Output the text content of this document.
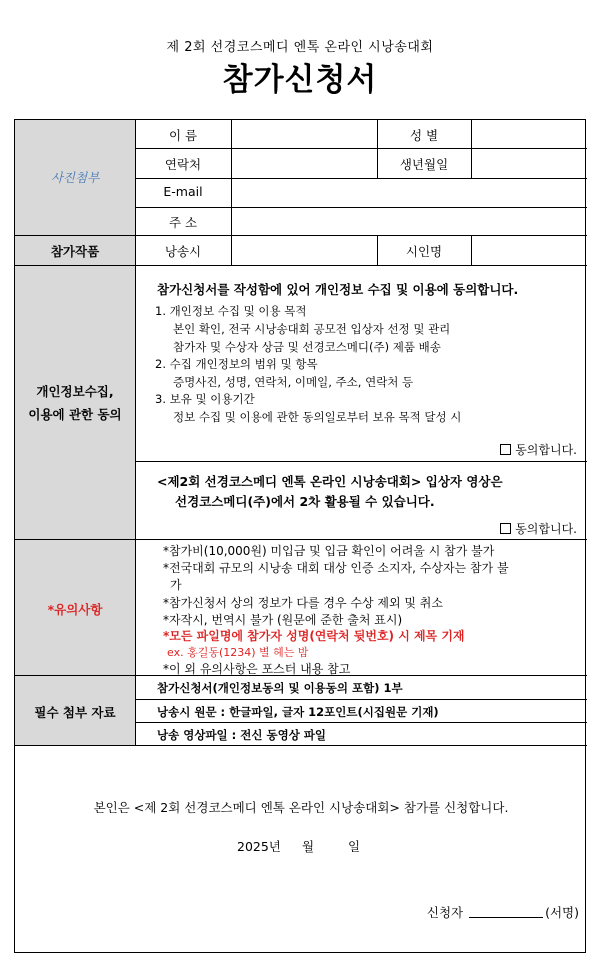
제 2회 선경코스메디 엔톡 온라인 시낭송대회
참가신청서
사진첨부
이 름	성 별
연락처	생년월일
E-mail
주 소
참가작품	낭송시	시인명
개인정보수집,
이용에 관한 동의
참가신청서를 작성함에 있어 개인정보 수집 및 이용에 동의합니다.
1. 개인정보 수집 및 이용 목적
본인 확인, 전국 시낭송대회 공모전 입상자 선정 및 관리
참가자 및 수상자 상금 및 선경코스메디(주) 제품 배송
2. 수집 개인정보의 범위 및 항목
증명사진, 성명, 연락처, 이메일, 주소, 연락처 등
3. 보유 및 이용기간
정보 수집 및 이용에 관한 동의일로부터 보유 목적 달성 시
동의합니다.
<제2회 선경코스메디 엔톡 온라인 시낭송대회> 입상자 영상은
선경코스메디(주)에서 2차 활용될 수 있습니다.
동의합니다.
*유의사항
*참가비(10,000원) 미입금 및 입금 확인이 어려울 시 참가 불가
*전국대회 규모의 시낭송 대회 대상 인증 소지자, 수상자는 참가 불
가
*참가신청서 상의 정보가 다를 경우 수상 제외 및 취소
*자작시, 번역시 불가 (원문에 준한 출처 표시)
*모든 파일명에 참가자 성명(연락처 뒷번호) 시 제목 기재
ex. 홍길동(1234) 별 헤는 밤
*이 외 유의사항은 포스터 내용 참고
필수 첨부 자료
참가신청서(개인정보동의 및 이용동의 포함) 1부
낭송시 원문 : 한글파일, 글자 12포인트(시집원문 기재)
낭송 영상파일 : 전신 동영상 파일
본인은 <제 2회 선경코스메디 엔톡 온라인 시낭송대회> 참가를 신청합니다.
2025년 월	일
신청자	(서명)
